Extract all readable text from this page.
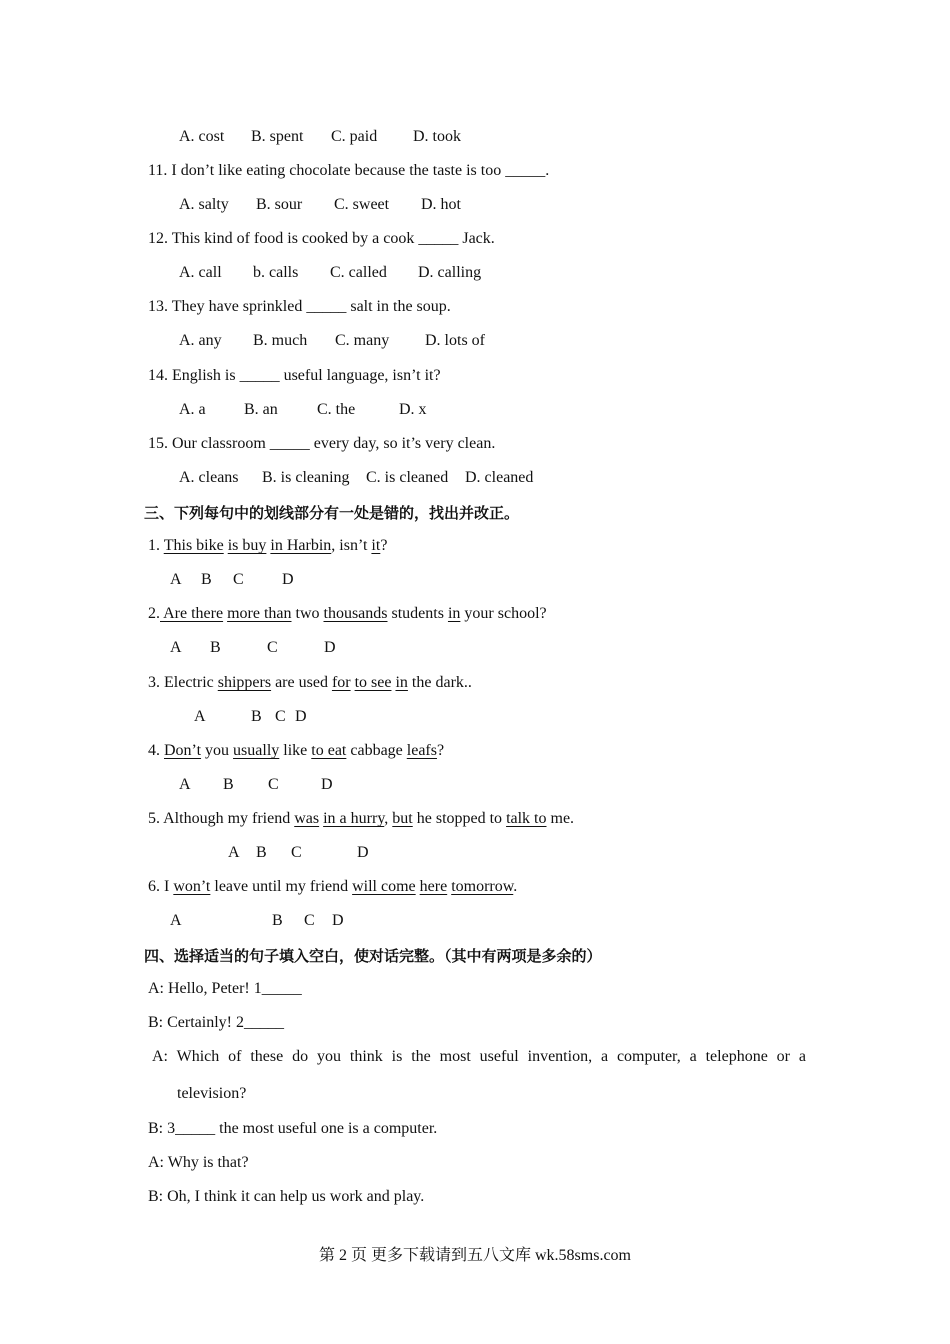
A. cost B. spent C. paid D. took
11. I don’t like eating chocolate because the taste is too _____.
A. salty B. sour C. sweet D. hot
12. This kind of food is cooked by a cook _____ Jack.
A. call b. calls C. called D. calling
13. They have sprinkled _____ salt in the soup.
A. any B. much C. many D. lots of
14. English is _____ useful language, isn’t it?
A. a B. an C. the	D. x
15. Our classroom _____ every day, so it’s very clean.
A. cleans B. is cleaning C. is cleaned D. cleaned
三、下列每句中的划线部分有一处是错的，找出并改正。
1. This bike is buy in Harbin, isn’t it?
A B C D
2. Are there more than two thousands students in your school?
A B	C	D
3. Electric shippers are used for to see in the dark..
A	B C D
4. Don’t you usually like to eat cabbage leafs?
A B C	D
5. Although my friend was in a hurry, but he stopped to talk to me.
A B C	D
6. I won’t leave until my friend will come here tomorrow.
A	B C D
四、选择适当的句子填入空白，使对话完整。（其中有两项是多余的）
A: Hello, Peter! 1_____
B: Certainly! 2_____
A: Which of these do you think is the most useful invention, a computer, a telephone or a
television?
B: 3_____ the most useful one is a computer.
A: Why is that?
B: Oh, I think it can help us work and play.
第 2 页 更多下载请到五八文库 wk.58sms.com
